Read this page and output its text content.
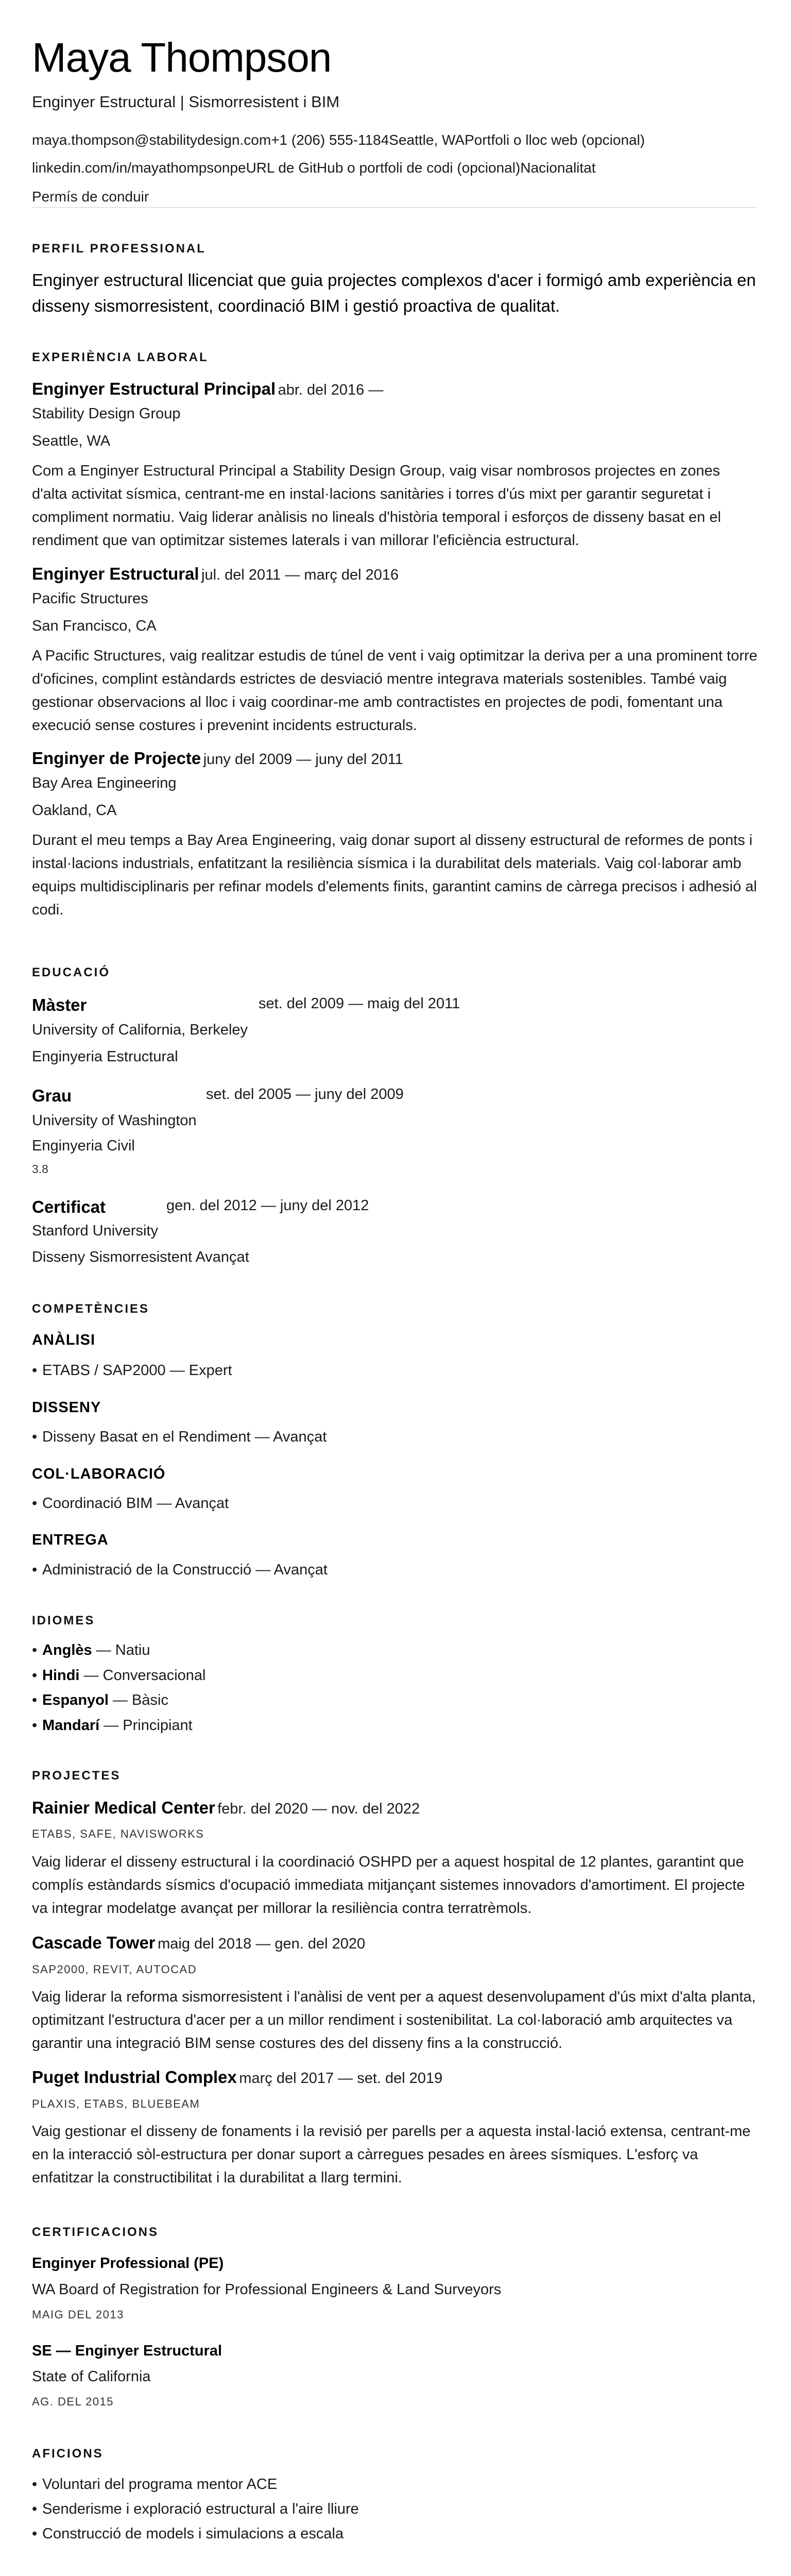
Maya Thompson
Enginyer Estructural | Sismorresistent i BIM
maya.thompson@stabilitydesign.com+1 (206) 555-1184Seattle, WAPortfoli o lloc web (opcional)
linkedin.com/in/mayathompsonpeURL de GitHub o portfoli de codi (opcional)Nacionalitat
Permís de conduir
PERFIL PROFESSIONAL
Enginyer estructural llicenciat que guia projectes complexos d'acer i formigó amb experiència en disseny sismorresistent, coordinació BIM i gestió proactiva de qualitat.
EXPERIÈNCIA LABORAL
Enginyer Estructural Principal abr. del 2016 —
Stability Design Group
Seattle, WA
Com a Enginyer Estructural Principal a Stability Design Group, vaig visar nombrosos projectes en zones d'alta activitat sísmica, centrant-me en instal·lacions sanitàries i torres d'ús mixt per garantir seguretat i compliment normatiu. Vaig liderar anàlisis no lineals d'història temporal i esforços de disseny basat en el rendiment que van optimitzar sistemes laterals i van millorar l'eficiència estructural.
Enginyer Estructural jul. del 2011 — març del 2016
Pacific Structures
San Francisco, CA
A Pacific Structures, vaig realitzar estudis de túnel de vent i vaig optimitzar la deriva per a una prominent torre d'oficines, complint estàndards estrictes de desviació mentre integrava materials sostenibles. També vaig gestionar observacions al lloc i vaig coordinar-me amb contractistes en projectes de podi, fomentant una execució sense costures i prevenint incidents estructurals.
Enginyer de Projecte juny del 2009 — juny del 2011
Bay Area Engineering
Oakland, CA
Durant el meu temps a Bay Area Engineering, vaig donar suport al disseny estructural de reformes de ponts i instal·lacions industrials, enfatitzant la resiliència sísmica i la durabilitat dels materials. Vaig col·laborar amb equips multidisciplinaris per refinar models d'elements finits, garantint camins de càrrega precisos i adhesió al codi.
EDUCACIÓ
Màster	set. del 2009 — maig del 2011
University of California, Berkeley
Enginyeria Estructural
Grau	set. del 2005 — juny del 2009
University of Washington
Enginyeria Civil
3.8
Certificat	gen. del 2012 — juny del 2012
Stanford University
Disseny Sismorresistent Avançat
COMPETÈNCIES
ANÀLISI
• ETABS / SAP2000 — Expert
DISSENY
• Disseny Basat en el Rendiment — Avançat
COL·LABORACIÓ
• Coordinació BIM — Avançat
ENTREGA
• Administració de la Construcció — Avançat
IDIOMES
• Anglès — Natiu
• Hindi — Conversacional
• Espanyol — Bàsic
• Mandarí — Principiant
PROJECTES
Rainier Medical Center febr. del 2020 — nov. del 2022
ETABS, SAFE, NAVISWORKS
Vaig liderar el disseny estructural i la coordinació OSHPD per a aquest hospital de 12 plantes, garantint que complís estàndards sísmics d'ocupació immediata mitjançant sistemes innovadors d'amortiment. El projecte va integrar modelatge avançat per millorar la resiliència contra terratrèmols.
Cascade Tower maig del 2018 — gen. del 2020
SAP2000, REVIT, AUTOCAD
Vaig liderar la reforma sismorresistent i l'anàlisi de vent per a aquest desenvolupament d'ús mixt d'alta planta, optimitzant l'estructura d'acer per a un millor rendiment i sostenibilitat. La col·laboració amb arquitectes va garantir una integració BIM sense costures des del disseny fins a la construcció.
Puget Industrial Complex març del 2017 — set. del 2019
PLAXIS, ETABS, BLUEBEAM
Vaig gestionar el disseny de fonaments i la revisió per parells per a aquesta instal·lació extensa, centrant-me en la interacció sòl-estructura per donar suport a càrregues pesades en àrees sísmiques. L'esforç va enfatitzar la constructibilitat i la durabilitat a llarg termini.
CERTIFICACIONS
Enginyer Professional (PE)
WA Board of Registration for Professional Engineers & Land Surveyors
MAIG DEL 2013
SE — Enginyer Estructural
State of California
AG. DEL 2015
AFICIONS
• Voluntari del programa mentor ACE
• Senderisme i exploració estructural a l'aire lliure
• Construcció de models i simulacions a escala
